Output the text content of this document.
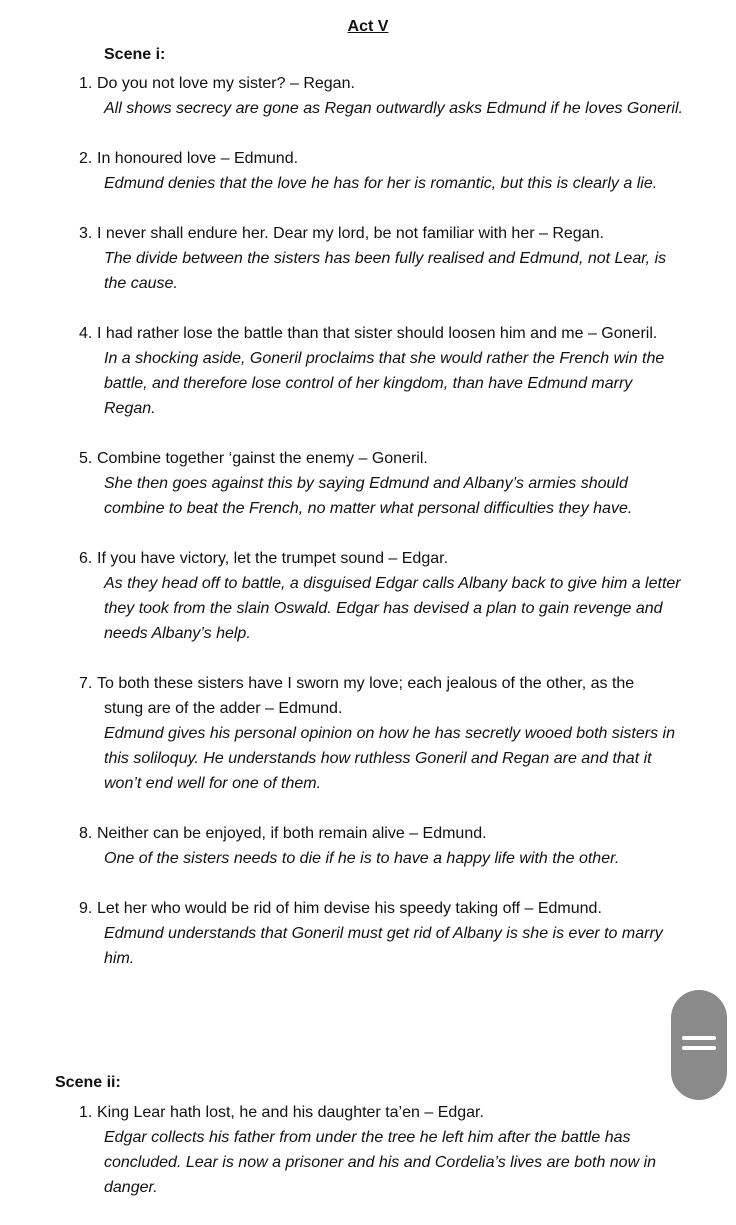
Act V
Scene i:
1. Do you not love my sister? – Regan.
All shows secrecy are gone as Regan outwardly asks Edmund if he loves Goneril.
2. In honoured love – Edmund.
Edmund denies that the love he has for her is romantic, but this is clearly a lie.
3. I never shall endure her. Dear my lord, be not familiar with her – Regan.
The divide between the sisters has been fully realised and Edmund, not Lear, is the cause.
4. I had rather lose the battle than that sister should loosen him and me – Goneril.
In a shocking aside, Goneril proclaims that she would rather the French win the battle, and therefore lose control of her kingdom, than have Edmund marry Regan.
5. Combine together ‘gainst the enemy – Goneril.
She then goes against this by saying Edmund and Albany’s armies should combine to beat the French, no matter what personal difficulties they have.
6. If you have victory, let the trumpet sound – Edgar.
As they head off to battle, a disguised Edgar calls Albany back to give him a letter they took from the slain Oswald. Edgar has devised a plan to gain revenge and needs Albany’s help.
7. To both these sisters have I sworn my love; each jealous of the other, as the
stung are of the adder – Edmund.
Edmund gives his personal opinion on how he has secretly wooed both sisters in this soliloquy. He understands how ruthless Goneril and Regan are and that it won’t end well for one of them.
8. Neither can be enjoyed, if both remain alive – Edmund.
One of the sisters needs to die if he is to have a happy life with the other.
9. Let her who would be rid of him devise his speedy taking off – Edmund.
Edmund understands that Goneril must get rid of Albany is she is ever to marry him.
Scene ii:
1. King Lear hath lost, he and his daughter ta’en – Edgar.
Edgar collects his father from under the tree he left him after the battle has concluded. Lear is now a prisoner and his and Cordelia’s lives are both now in danger.
